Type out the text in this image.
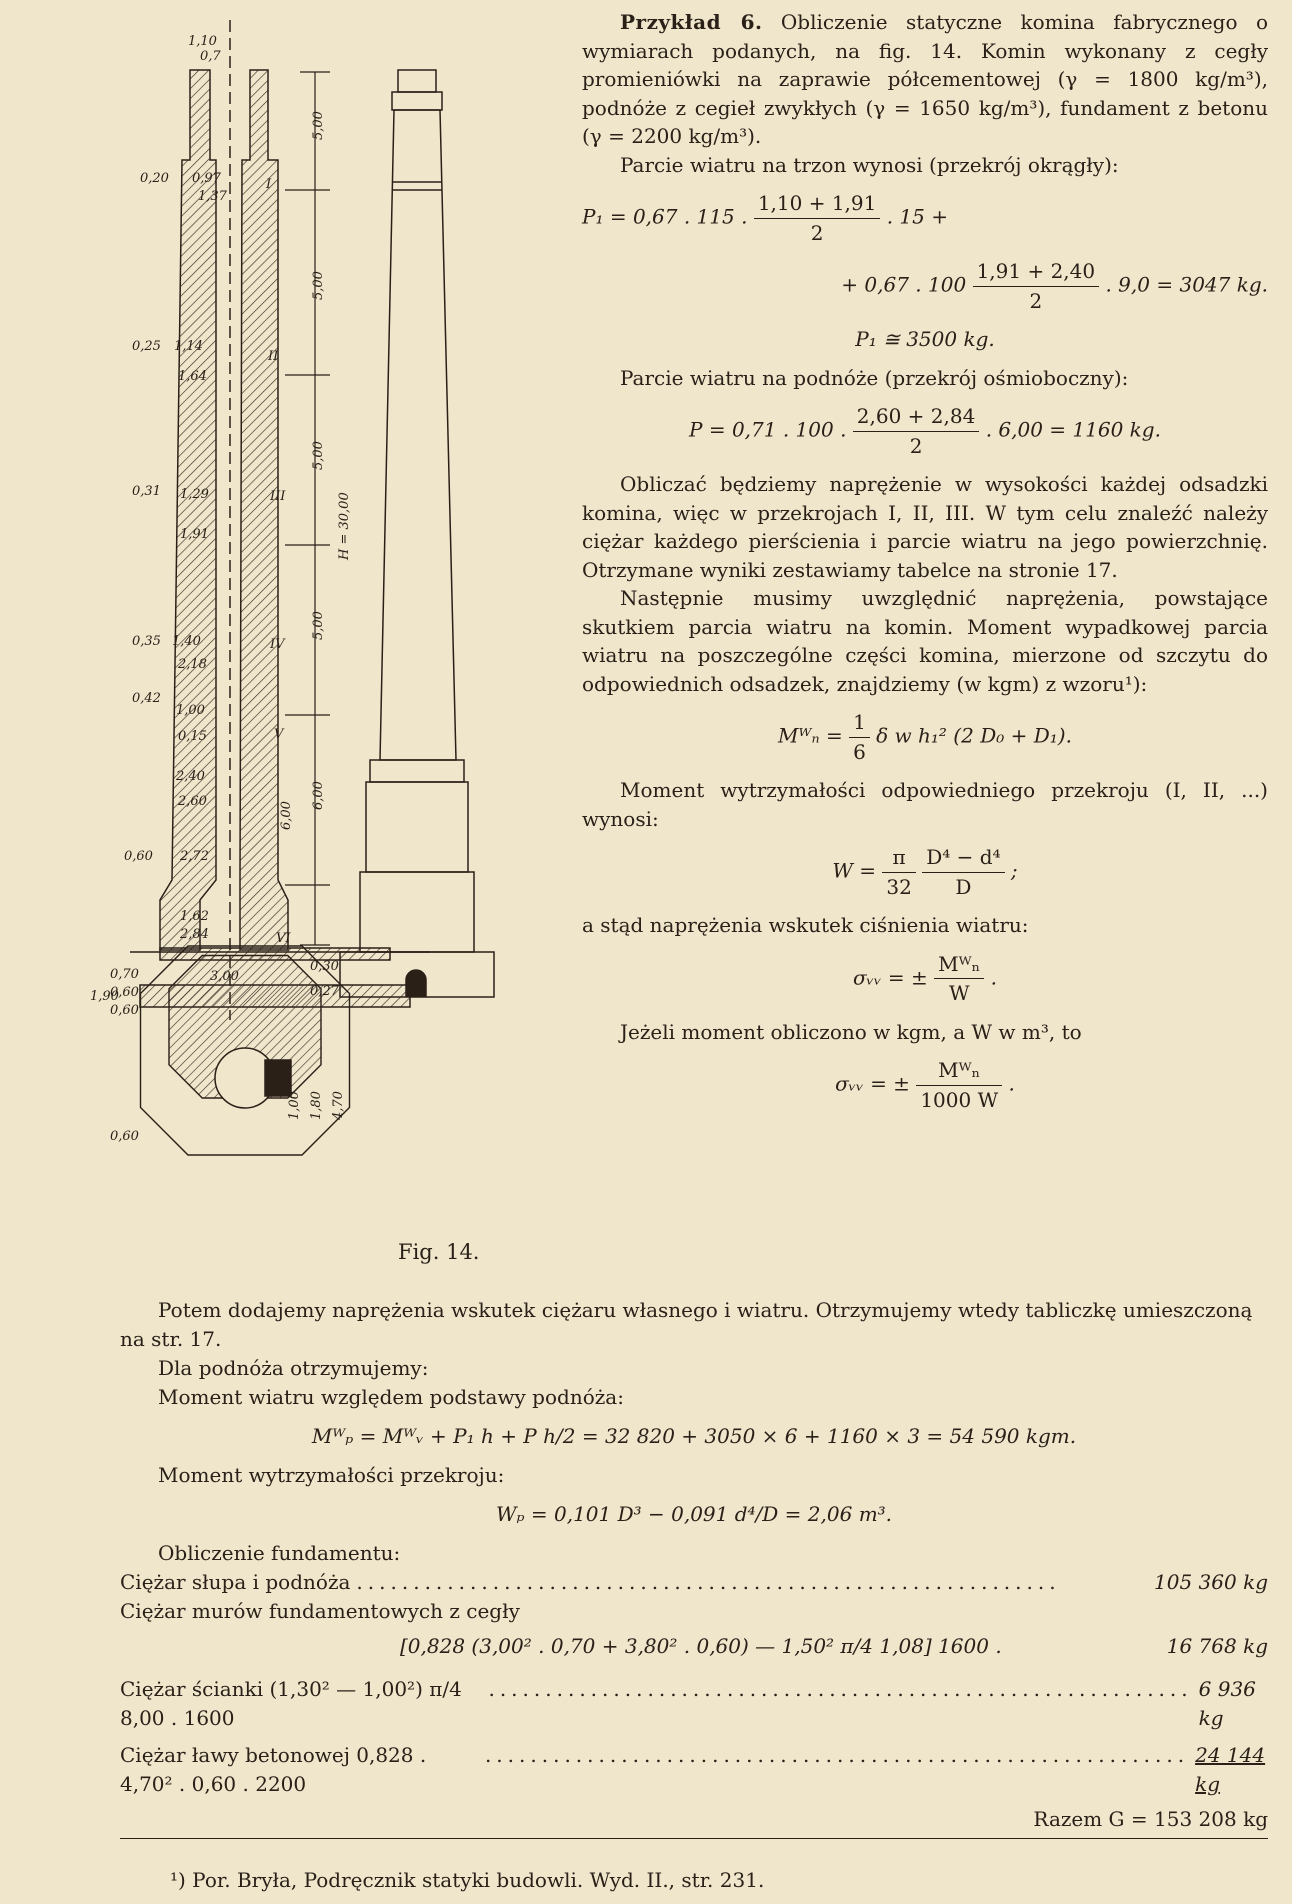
1,10
0,7
0,20 0,97
1,37
0,25 1,14
1,64
0,31 1,29
1,91
0,35 1,40
2,18
0,42
1,00
0,15
2,40
2,60
0,60 2,72
1,62
2,84
0,70
0,60
0,60
3,00
0,30
0,27
1,90
I
II
III
IV
V
VI
5,00
5,00
5,00
5,00
6,00
6,00
H = 30,00
0,60
1,00 1,80 4,70
Fig. 14.

Przykład 6. Obliczenie statyczne komina fabrycznego o wymiarach podanych, na fig. 14. Komin wykonany z cegły promieniówki na zaprawie półcementowej (γ = 1800 kg/m³), podnóże z cegieł zwykłych (γ = 1650 kg/m³), fundament z betonu (γ = 2200 kg/m³).

Parcie wiatru na trzon wynosi (przekrój okrągły):

P₁ = 0,67 . 115 . $\frac{1,10 + 1,91}{2}$ . 15 +
+ 0,67 . $100 \frac{1,91 + 2,40}{2}$ . 9,0 = 3047 kg.
P₁ ≅ 3500 kg.

Parcie wiatru na podnóże (przekrój ośmioboczny):

P = 0,71 . 100 . $\frac{2,60 + 2,84}{2}$ . 6,00 = 1160 kg.

Obliczać będziemy naprężenie w wysokości każdej odsadzki komina, więc w przekrojach I, II, III. W tym celu znaleźć należy ciężar każdego pierścienia i parcie wiatru na jego powierzchnię. Otrzymane wyniki zestawiamy tabelce na stronie 17.

Następnie musimy uwzględnić naprężenia, powstające skutkiem parcia wiatru na komin. Moment wypadkowej parcia wiatru na poszczególne części komina, mierzone od szczytu do odpowiednich odsadzek, znajdziemy (w kgm) z wzoru¹):

Mᵂₙ = $\frac{1}{6}$ δ w h₁² (2 D₀ + D₁).

Moment wytrzymałości odpowiedniego przekroju (I, II, ...) wynosi:

$W = \frac{\pi}{32}$
$\frac{\text{D⁴ − d⁴}}{D}$ ;

a stąd naprężenia wskutek ciśnienia wiatru:

σᵥᵥ = ± $\frac{\text{Mᵂₙ}}{W}$ .

Jeżeli moment obliczono w kgm, a W w m³, to

σᵥᵥ = ± $\frac{\text{Mᵂₙ}}{1000 W}$ .

Potem dodajemy naprężenia wskutek ciężaru własnego i wiatru. Otrzymujemy wtedy tabliczkę umieszczoną na str. 17.

Dla podnóża otrzymujemy:

Moment wiatru względem podstawy podnóża:

Mᵂₚ = Mᵂᵥ + P₁ h + P h/2 = 32 820 + 3050 × 6 + 1160 × 3 = 54 590 kgm.

Moment wytrzymałości przekroju:

Wₚ = 0,101 D³ − 0,091 d⁴/D = 2,06 m³.

Obliczenie fundamentu:

Ciężar słupa i podnóża ..............................................................	105 360 kg

Ciężar murów fundamentowych z cegły

[0,828 (3,00² . 0,70 + 3,80² . 0,60) — 1,50² π/4 1,08] 1600 .	16 768 kg
Ciężar ścianki (1,30² — 1,00²) π/4 8,00 . 1600
.............................................................. 6 936 kg
Ciężar ławy betonowej 0,828 . 4,70² . 0,60 . 2200
.............................................................. 24 144 kg

Razem G = 153 208 kg

¹) Por. Bryła, Podręcznik statyki budowli. Wyd. II., str. 231.
